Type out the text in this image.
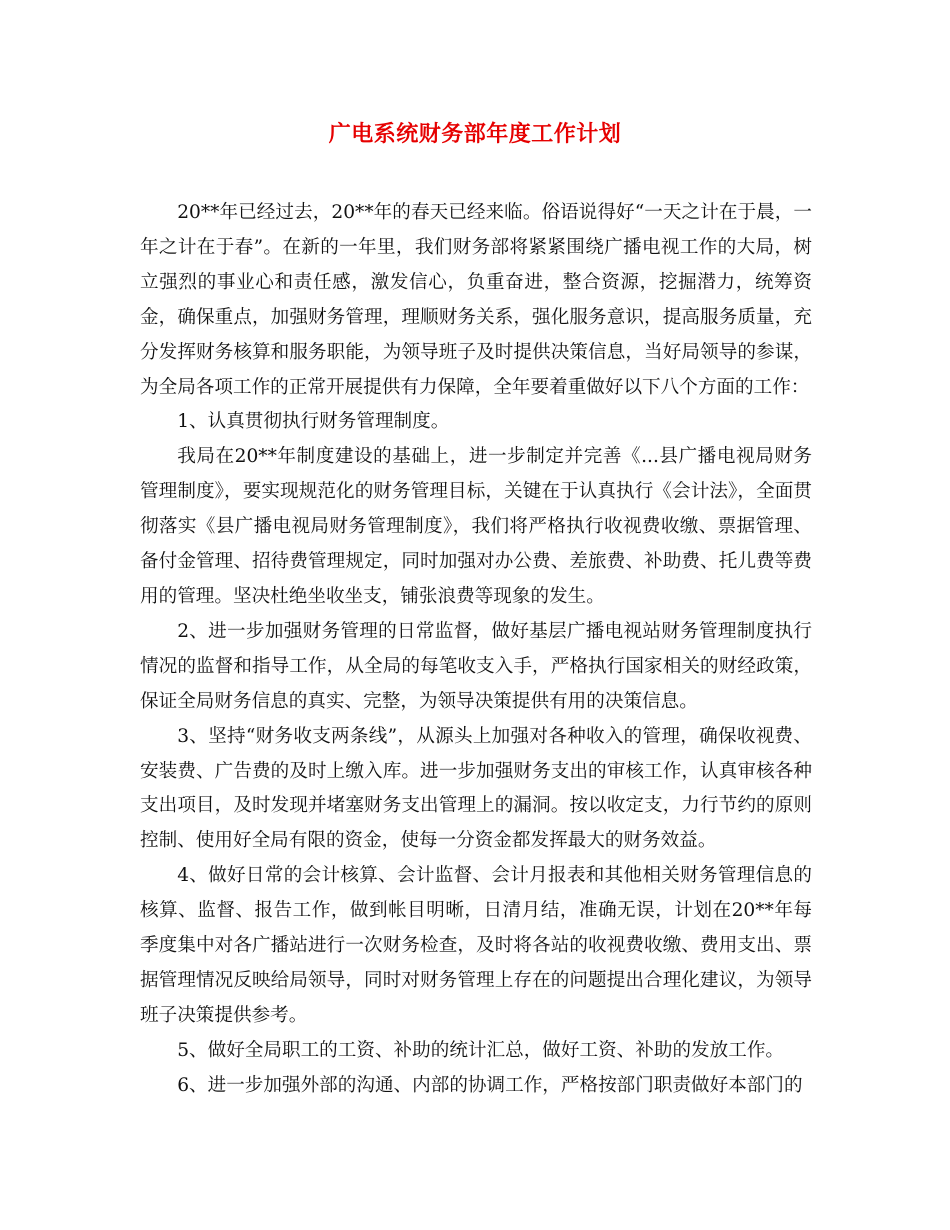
广电系统财务部年度工作计划

20**年已经过去，20**年的春天已经来临。俗语说得好“一天之计在于晨，一年之计在于春”。在新的一年里，我们财务部将紧紧围绕广播电视工作的大局，树立强烈的事业心和责任感，激发信心，负重奋进，整合资源，挖掘潜力，统筹资金，确保重点，加强财务管理，理顺财务关系，强化服务意识，提高服务质量，充分发挥财务核算和服务职能，为领导班子及时提供决策信息，当好局领导的参谋，为全局各项工作的正常开展提供有力保障，全年要着重做好以下八个方面的工作：

1、认真贯彻执行财务管理制度。

我局在20**年制度建设的基础上，进一步制定并完善《...县广播电视局财务管理制度》，要实现规范化的财务管理目标，关键在于认真执行《会计法》，全面贯彻落实《县广播电视局财务管理制度》，我们将严格执行收视费收缴、票据管理、备付金管理、招待费管理规定，同时加强对办公费、差旅费、补助费、托儿费等费用的管理。坚决杜绝坐收坐支，铺张浪费等现象的发生。

2、进一步加强财务管理的日常监督，做好基层广播电视站财务管理制度执行情况的监督和指导工作，从全局的每笔收支入手，严格执行国家相关的财经政策，保证全局财务信息的真实、完整，为领导决策提供有用的决策信息。

3、坚持“财务收支两条线”，从源头上加强对各种收入的管理，确保收视费、安装费、广告费的及时上缴入库。进一步加强财务支出的审核工作，认真审核各种支出项目，及时发现并堵塞财务支出管理上的漏洞。按以收定支，力行节约的原则控制、使用好全局有限的资金，使每一分资金都发挥最大的财务效益。

4、做好日常的会计核算、会计监督、会计月报表和其他相关财务管理信息的核算、监督、报告工作，做到帐目明晰，日清月结，准确无误，计划在20**年每季度集中对各广播站进行一次财务检查，及时将各站的收视费收缴、费用支出、票据管理情况反映给局领导，同时对财务管理上存在的问题提出合理化建议，为领导班子决策提供参考。

5、做好全局职工的工资、补助的统计汇总，做好工资、补助的发放工作。

6、进一步加强外部的沟通、内部的协调工作，严格按部门职责做好本部门的
